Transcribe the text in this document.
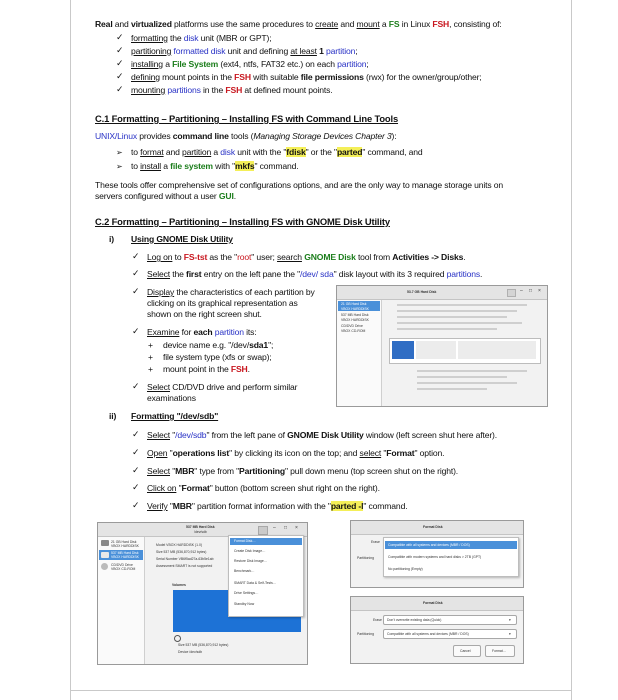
Real and virtualized platforms use the same procedures to create and mount a FS in Linux FSH, consisting of:
✓ formatting the disk unit (MBR or GPT);
✓ partitioning formatted disk unit and defining at least 1 partition;
✓ installing a File System (ext4, ntfs, FAT32 etc.) on each partition;
✓ defining mount points in the FSH with suitable file permissions (rwx) for the owner/group/other;
✓ mounting partitions in the FSH at defined mount points.
C.1 Formatting – Partitioning – Installing FS with Command Line Tools
UNIX/Linux provides command line tools (Managing Storage Devices Chapter 3):
➢ to format and partition a disk unit with the "fdisk" or the "parted" command, and
➢ to install a file system with "mkfs" command.
These tools offer comprehensive set of configurations options, and are the only way to manage storage units on
servers configured without a user GUI.
C.2 Formatting – Partitioning – Installing FS with GNOME Disk Utility
i) Using GNOME Disk Utility
✓ Log on to FS-tst as the "root" user; search GNOME Disk tool from Activities -> Disks.
✓ Select the first entry on the left pane the "/dev/ sda" disk layout with its 3 required partitions.
✓ Display the characteristics of each partition by
clicking on its graphical representation as
shown on the right screen shut.
✓ Examine for each partition its:
+ device name e.g. "/dev/sda1";
+ file system type (xfs or swap);
+ mount point in the FSH.
✓ Select CD/DVD drive and perform similar
examinations
53.7 GB Hard Disk	– □ ×
21 GB Hard Disk
VBOX HARDDISK
537 MB Hard Disk
VBOX HARDDISK
CD/DVD Drive
VBOX CD-ROM
ii) Formatting "/dev/sdb"
✓ Select "/dev/sdb" from the left pane of GNOME Disk Utility window (left screen shut here after).
✓ Open "operations list" by clicking its icon on the top; and select "Format" option.
✓ Select "MBR" type from "Partitioning" pull down menu (top screen shut on the right).
✓ Click on "Format" button (bottom screen shut right on the right).
✓ Verify "MBR" partition format information with the "parted -l" command.
537 MB Hard Disk
/dev/sdb
– □ ×
21 GB Hard Disk
VBOX HARDDISK
537 MB Hard Disk
VBOX HARDDISK
CD/DVD Drive
VBOX CD-ROM
Model VBOX HARDDISK (1.0)
Size 537 MB (536,870,912 bytes)
Serial Number VB6f5ad27a-63b5e1ab
Assessment SMART is not supported
Volumes
Size 537 MB (536,870,912 bytes)
Device /dev/sdb
Format Disk…
Create Disk Image…
Restore Disk Image…
Benchmark…
SMART Data & Self-Tests…
Drive Settings…
Standby Now
Format Disk
Erase
Partitioning
Compatible with all systems and devices (MBR / DOS)
Compatible with modern systems and hard disks > 2TB (GPT)
No partitioning (Empty)
Format Disk
Erase Don't overwrite existing data (Quick)	▾
Partitioning	Compatible with all systems and devices (MBR / DOS)	▾
Cancel	Format…
